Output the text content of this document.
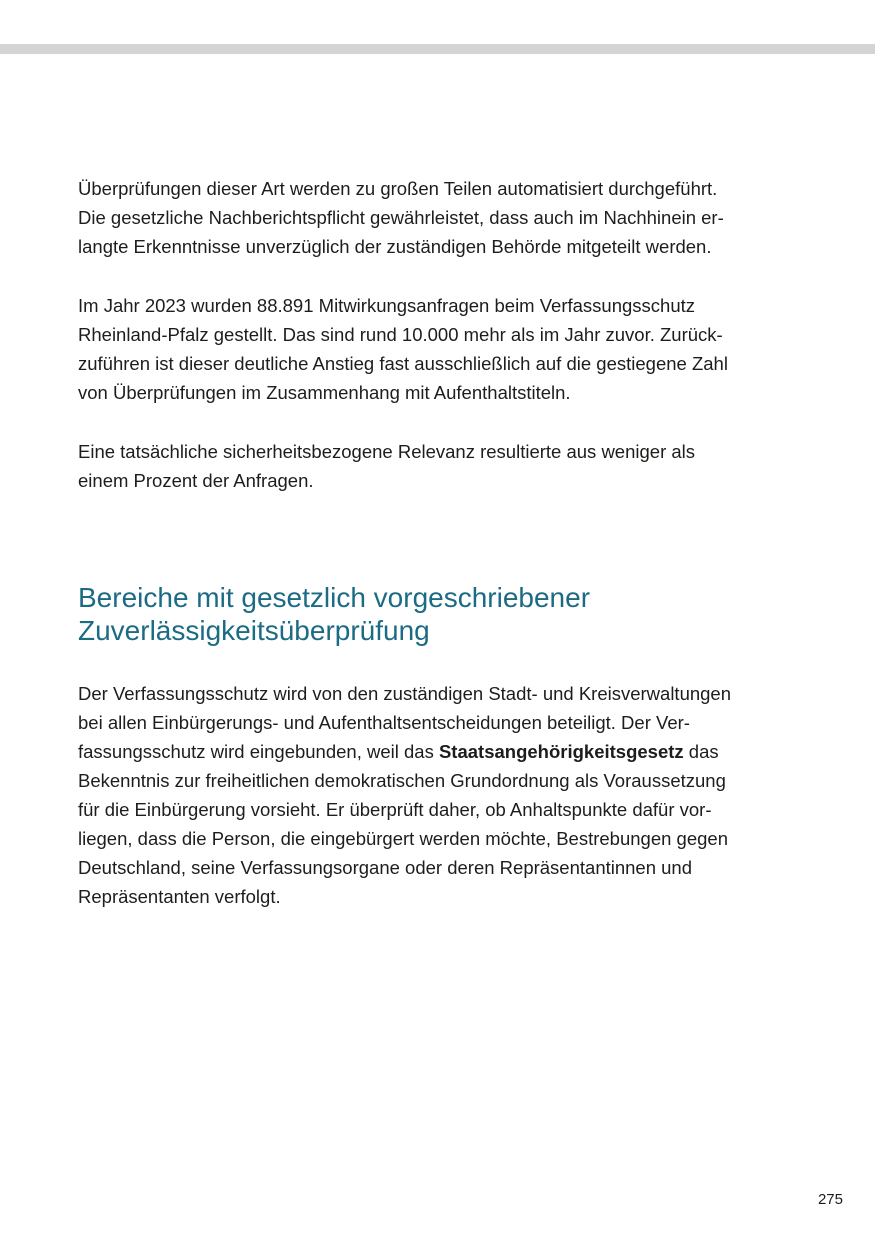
Überprüfungen dieser Art werden zu großen Teilen automatisiert durchgeführt.
Die gesetzliche Nachberichtspflicht gewährleistet, dass auch im Nachhinein er-
langte Erkenntnisse unverzüglich der zuständigen Behörde mitgeteilt werden.

Im Jahr 2023 wurden 88.891 Mitwirkungsanfragen beim Verfassungsschutz
Rheinland-Pfalz gestellt. Das sind rund 10.000 mehr als im Jahr zuvor. Zurück-
zuführen ist dieser deutliche Anstieg fast ausschließlich auf die gestiegene Zahl
von Überprüfungen im Zusammenhang mit Aufenthaltstiteln.

Eine tatsächliche sicherheitsbezogene Relevanz resultierte aus weniger als
einem Prozent der Anfragen.

Bereiche mit gesetzlich vorgeschriebener
Zuverlässigkeitsüberprüfung

Der Verfassungsschutz wird von den zuständigen Stadt- und Kreisverwaltungen
bei allen Einbürgerungs- und Aufenthaltsentscheidungen beteiligt. Der Ver-
fassungsschutz wird eingebunden, weil das Staatsangehörigkeitsgesetz das
Bekenntnis zur freiheitlichen demokratischen Grundordnung als Voraussetzung
für die Einbürgerung vorsieht. Er überprüft daher, ob Anhaltspunkte dafür vor-
liegen, dass die Person, die eingebürgert werden möchte, Bestrebungen gegen
Deutschland, seine Verfassungsorgane oder deren Repräsentantinnen und
Repräsentanten verfolgt.

275
